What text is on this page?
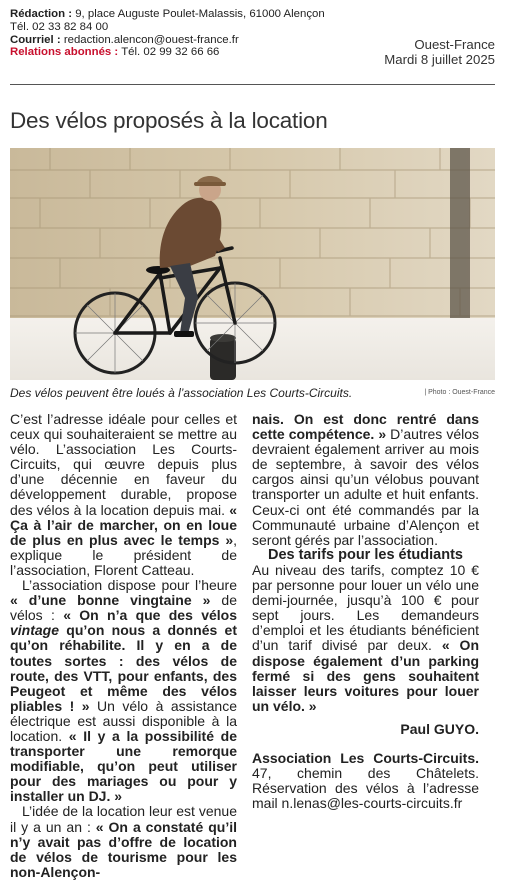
Rédaction : 9, place Auguste Poulet-Malassis, 61000 Alençon
Tél. 02 33 82 84 00
Courriel : redaction.alencon@ouest-france.fr
Relations abonnés : Tél. 02 99 32 66 66
Ouest-France
Mardi 8 juillet 2025
Des vélos proposés à la location
Des vélos peuvent être loués à l’association Les Courts-Circuits.	| Photo : Ouest-France

C’est l’adresse idéale pour celles et ceux qui souhaiteraient se mettre au vélo. L’association Les Courts-Circuits, qui œuvre depuis plus d’une décennie en faveur du développement durable, propose des vélos à la location depuis mai. « Ça à l’air de marcher, on en loue de plus en plus avec le temps », explique le président de l’association, Florent Catteau.

L’association dispose pour l’heure « d’une bonne vingtaine » de vélos : « On n’a que des vélos vintage qu’on nous a donnés et qu’on réhabilite. Il y en a de toutes sortes : des vélos de route, des VTT, pour enfants, des Peugeot et même des vélos pliables ! » Un vélo à assistance électrique est aussi disponible à la location. « Il y a la possibilité de transporter une remorque modifiable, qu’on peut utiliser pour des mariages ou pour y installer un DJ. »

L’idée de la location leur est venue il y a un an : « On a constaté qu’il n’y avait pas d’offre de location de vélos de tourisme pour les non-Alençon-

nais. On est donc rentré dans cette compétence. » D’autres vélos devraient également arriver au mois de septembre, à savoir des vélos cargos ainsi qu’un vélobus pouvant transporter un adulte et huit enfants. Ceux-ci ont été commandés par la Communauté urbaine d’Alençon et seront gérés par l’association.

Des tarifs pour les étudiants

Au niveau des tarifs, comptez 10 € par personne pour louer un vélo une demi-journée, jusqu’à 100 € pour sept jours. Les demandeurs d’emploi et les étudiants bénéficient d’un tarif divisé par deux. « On dispose également d’un parking fermé si des gens souhaitent laisser leurs voitures pour louer un vélo. »

Paul GUYO.

Association Les Courts-Circuits. 47, chemin des Châtelets. Réservation des vélos à l’adresse mail n.lenas@les-courts-circuits.fr
